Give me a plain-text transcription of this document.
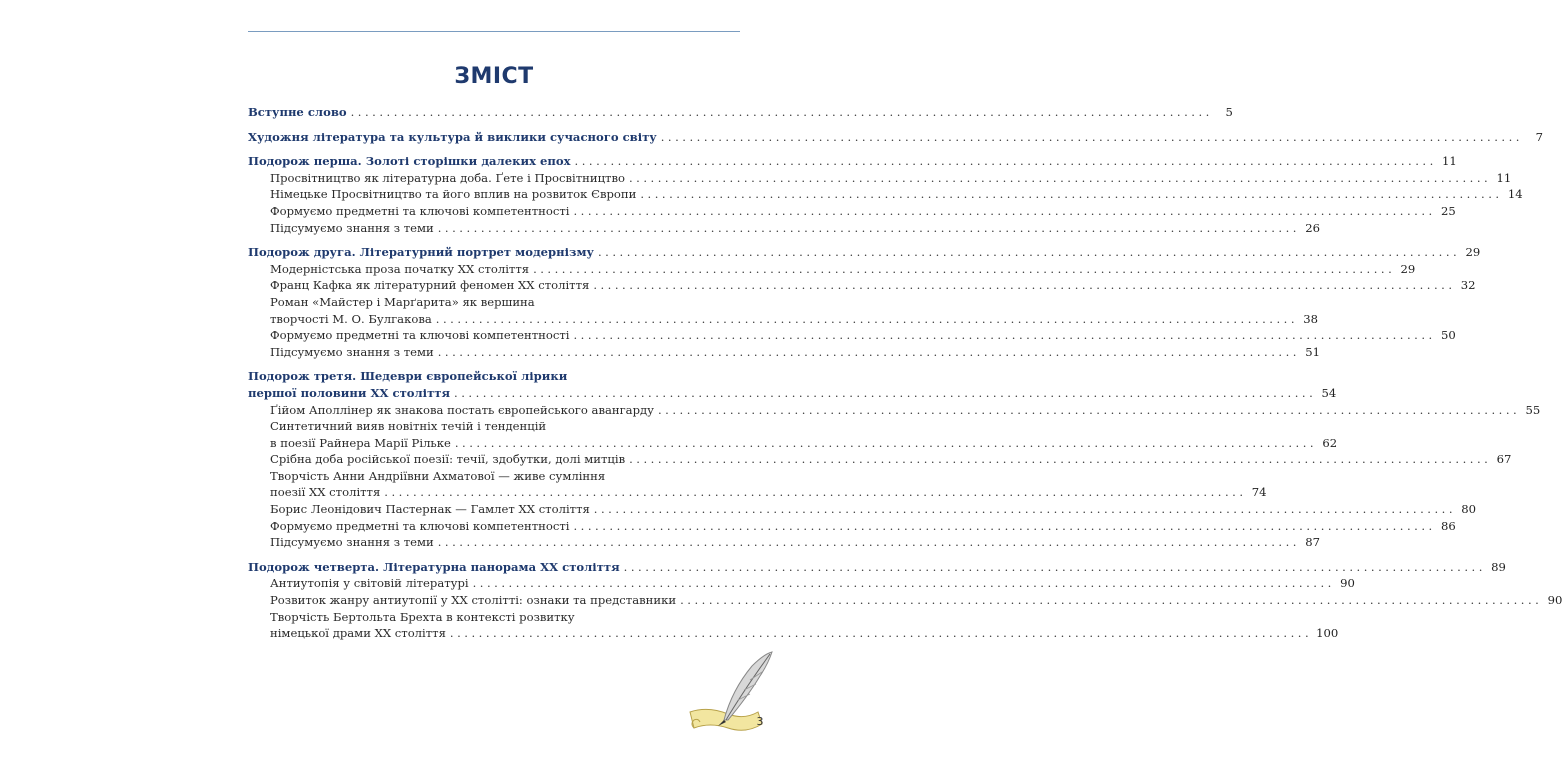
ЗМІСТ
Вступне слово ........................................................................................................................	5
Художня література та культура й виклики сучасного світу ........................................................................................................................	7
Подорож перша. Золоті сторішки далеких епох ........................................................................................................................ 11
Просвітництво як літературна доба. Ґете і Просвітництво ........................................................................................................................ 11
Німецьке Просвітництво та його вплив на розвиток Європи ........................................................................................................................ 14
Формуємо предметні та ключові компетентності ........................................................................................................................ 25
Підсумуємо знання з теми ........................................................................................................................ 26
Подорож друга. Літературний портрет модернізму ........................................................................................................................ 29
Модерністська проза початку XX століття ........................................................................................................................ 29
Франц Кафка як літературний феномен XX століття ........................................................................................................................ 32
Роман «Майстер і Марґарита» як вершина
творчості М. О. Булгакова ........................................................................................................................ 38
Формуємо предметні та ключові компетентності ........................................................................................................................ 50
Підсумуємо знання з теми ........................................................................................................................ 51
Подорож третя. Шедеври європейської лірики
першої половини XX століття ........................................................................................................................ 54
Ґійом Аполлінер як знакова постать європейського авангарду ........................................................................................................................ 55
Синтетичний вияв новітніх течій і тенденцій
в поезії Райнера Марії Рільке ........................................................................................................................ 62
Срібна доба російської поезії: течії, здобутки, долі митців ........................................................................................................................ 67
Творчість Анни Андріївни Ахматової — живе сумління
поезії XX століття ........................................................................................................................ 74
Борис Леонідович Пастернак — Гамлет XX століття ........................................................................................................................ 80
Формуємо предметні та ключові компетентності ........................................................................................................................ 86
Підсумуємо знання з теми ........................................................................................................................ 87
Подорож четверта. Літературна панорама XX століття ........................................................................................................................ 89
Антиутопія у світовій літературі ........................................................................................................................ 90
Розвиток жанру антиутопії у XX столітті: ознаки та представники ........................................................................................................................ 90
Творчість Бертольта Брехта в контексті розвитку
німецької драми XX століття ........................................................................................................................ 100
3
